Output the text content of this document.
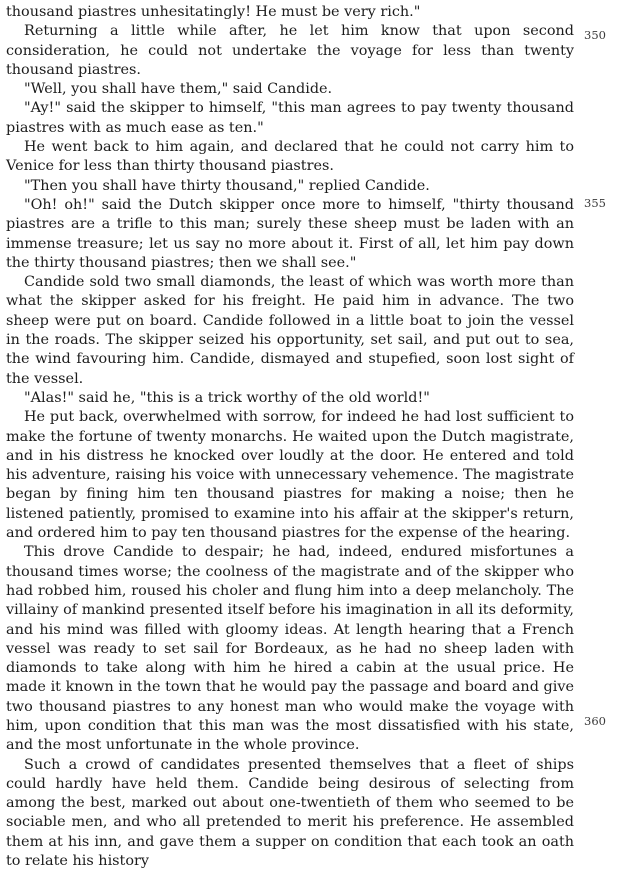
thousand piastres unhesitatingly! He must be very rich."

Returning a little while after, he let him know that upon second consideration, he could not undertake the voyage for less than twenty thousand piastres.

"Well, you shall have them," said Candide.

"Ay!" said the skipper to himself, "this man agrees to pay twenty thousand piastres with as much ease as ten."

He went back to him again, and declared that he could not carry him to Venice for less than thirty thousand piastres.

"Then you shall have thirty thousand," replied Candide.

"Oh! oh!" said the Dutch skipper once more to himself, "thirty thousand piastres are a trifle to this man; surely these sheep must be laden with an immense treasure; let us say no more about it. First of all, let him pay down the thirty thousand piastres; then we shall see."

Candide sold two small diamonds, the least of which was worth more than what the skipper asked for his freight. He paid him in advance. The two sheep were put on board. Candide followed in a little boat to join the vessel in the roads. The skipper seized his opportunity, set sail, and put out to sea, the wind favouring him. Candide, dismayed and stupefied, soon lost sight of the vessel.

"Alas!" said he, "this is a trick worthy of the old world!"

He put back, overwhelmed with sorrow, for indeed he had lost sufficient to make the fortune of twenty monarchs. He waited upon the Dutch magistrate, and in his distress he knocked over loudly at the door. He entered and told his adventure, raising his voice with unnecessary vehemence. The magistrate began by fining him ten thousand piastres for making a noise; then he listened patiently, promised to examine into his affair at the skipper's return, and ordered him to pay ten thousand piastres for the expense of the hearing.

This drove Candide to despair; he had, indeed, endured misfortunes a thousand times worse; the coolness of the magistrate and of the skipper who had robbed him, roused his choler and flung him into a deep melancholy. The villainy of mankind presented itself before his imagination in all its deformity, and his mind was filled with gloomy ideas. At length hearing that a French vessel was ready to set sail for Bordeaux, as he had no sheep laden with diamonds to take along with him he hired a cabin at the usual price. He made it known in the town that he would pay the passage and board and give two thousand piastres to any honest man who would make the voyage with him, upon condition that this man was the most dissatisfied with his state, and the most unfortunate in the whole province.

Such a crowd of candidates presented themselves that a fleet of ships could hardly have held them. Candide being desirous of selecting from among the best, marked out about one-twentieth of them who seemed to be sociable men, and who all pretended to merit his preference. He assembled them at his inn, and gave them a supper on condition that each took an oath to relate his history

350
355
360
